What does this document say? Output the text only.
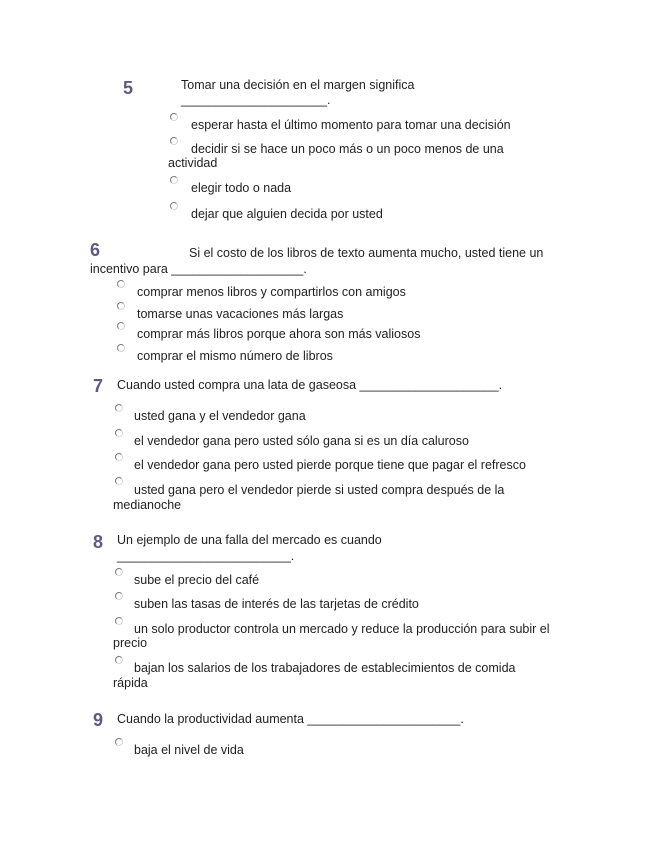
5	Tomar una decisión en el margen significa
_____________________.
esperar hasta el último momento para tomar una decisión
decidir si se hace un poco más o un poco menos de una
actividad
elegir todo o nada
dejar que alguien decida por usted
6	Si el costo de los libros de texto aumenta mucho, usted tiene un
incentivo para ___________________.
comprar menos libros y compartirlos con amigos
tomarse unas vacaciones más largas
comprar más libros porque ahora son más valiosos
comprar el mismo número de libros
7 Cuando usted compra una lata de gaseosa ____________________.
usted gana y el vendedor gana
el vendedor gana pero usted sólo gana si es un día caluroso
el vendedor gana pero usted pierde porque tiene que pagar el refresco
usted gana pero el vendedor pierde si usted compra después de la
medianoche
8 Un ejemplo de una falla del mercado es cuando
_________________________.
sube el precio del café
suben las tasas de interés de las tarjetas de crédito
un solo productor controla un mercado y reduce la producción para subir el
precio
bajan los salarios de los trabajadores de establecimientos de comida
rápida
9 Cuando la productividad aumenta ______________________.
baja el nivel de vida
